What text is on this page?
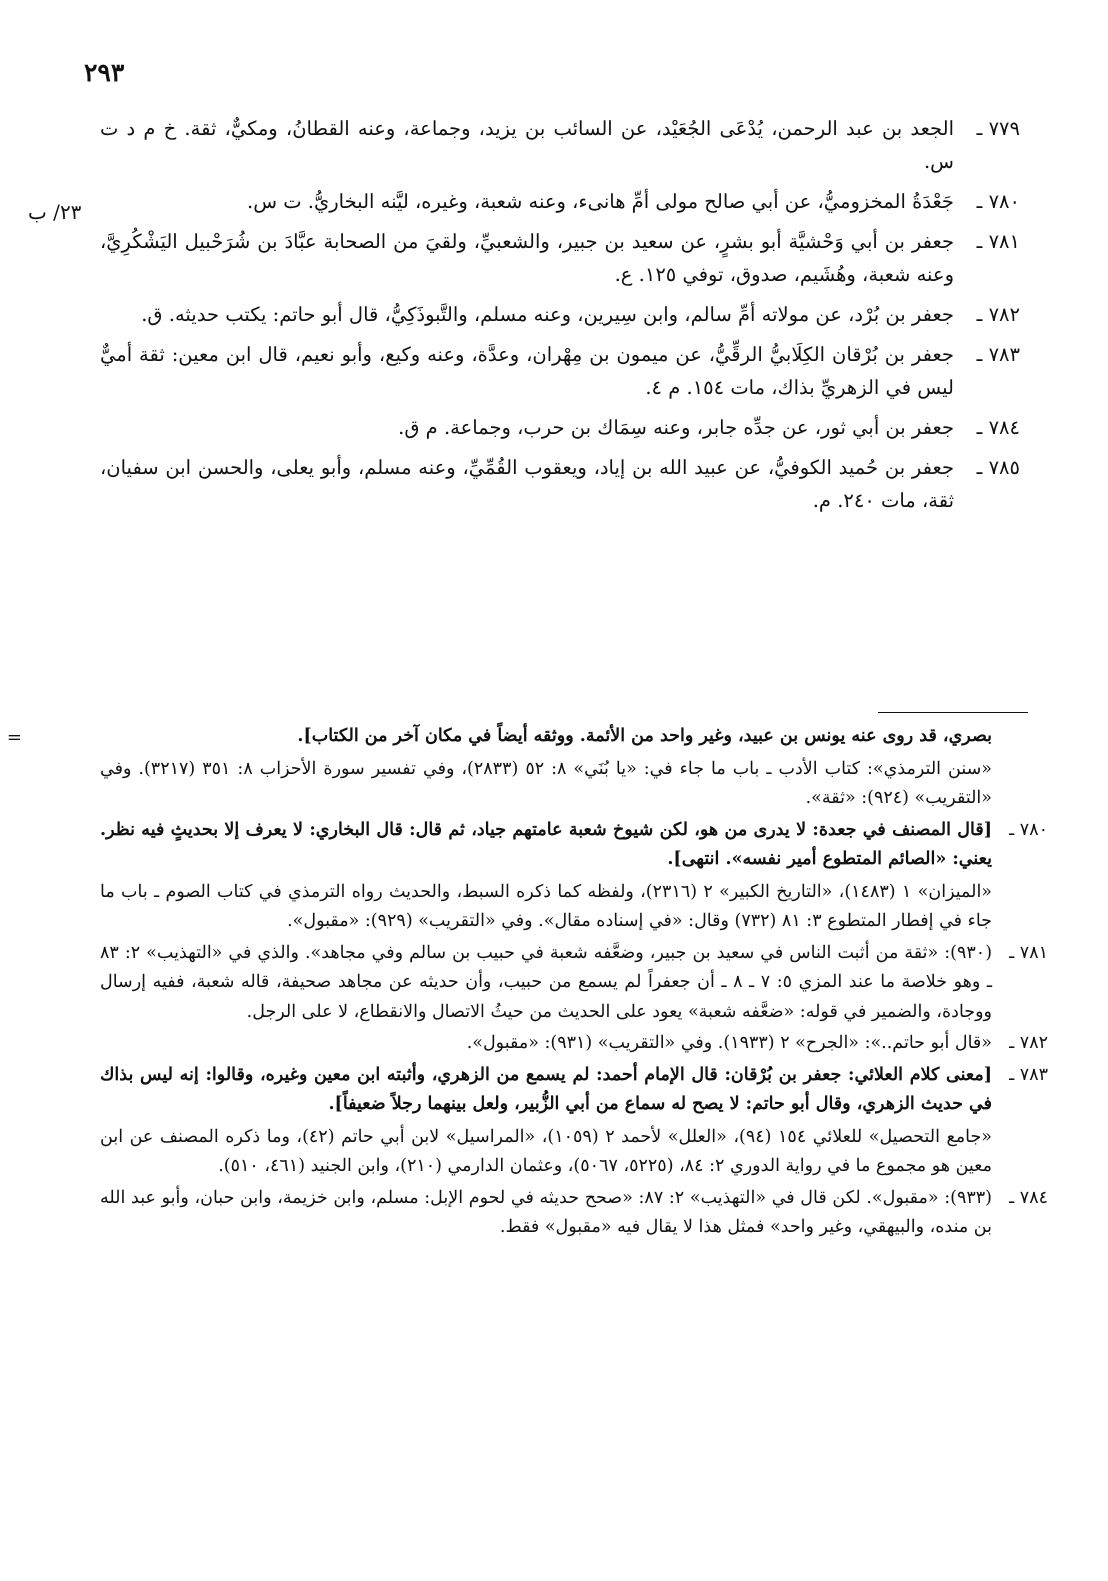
٢٩٣
٢٣/ ب
٧٧٩ ـ
الجعد بن عبد الرحمن، يُدْعَى الجُعَيْد، عن السائب بن يزيد، وجماعة، وعنه القطانُ، ومكيٌّ، ثقة. خ م د ت س.
٧٨٠ ـ
جَعْدَةُ المخزوميُّ، عن أبي صالح مولى أمِّ هانىء، وعنه شعبة، وغيره، ليَّنه البخاريُّ. ت س.
٧٨١ ـ
جعفر بن أبي وَحْشيَّة أبو بشرٍ، عن سعيد بن جبير، والشعبيِّ، ولقيَ من الصحابة عبَّادَ بن شُرَحْبيل اليَشْكُرِيَّ، وعنه شعبة، وهُشَيم، صدوق، توفي ١٢٥. ع.
٧٨٢ ـ
جعفر بن بُرْد، عن مولاته أمِّ سالم، وابن سِيرين، وعنه مسلم، والتَّبوذَكِيُّ، قال أبو حاتم: يكتب حديثه. ق.
٧٨٣ ـ
جعفر بن بُرْقان الكِلَابيُّ الرقِّيُّ، عن ميمون بن مِهْران، وعدَّة، وعنه وكيع، وأبو نعيم، قال ابن معين: ثقة أميٌّ ليس في الزهريِّ بذاك، مات ١٥٤. م ٤.
٧٨٤ ـ
جعفر بن أبي ثور، عن جدِّه جابر، وعنه سِمَاك بن حرب، وجماعة. م ق.
٧٨٥ ـ
جعفر بن حُميد الكوفيُّ، عن عبيد الله بن إياد، ويعقوب القُمِّيِّ، وعنه مسلم، وأبو يعلى، والحسن ابن سفيان، ثقة، مات ٢٤٠. م.
=	بصري، قد روى عنه يونس بن عبيد، وغير واحد من الأئمة. ووثقه أيضاً في مكان آخر من الكتاب].
«سنن الترمذي»: كتاب الأدب ـ باب ما جاء في: «يا بُنَي» ٨: ٥٢ (٢٨٣٣)، وفي تفسير سورة الأحزاب ٨: ٣٥١ (٣٢١٧). وفي «التقريب» (٩٢٤): «ثقة».
٧٨٠ ـ
[قال المصنف في جعدة: لا يدرى من هو، لكن شيوخ شعبة عامتهم جياد، ثم قال: قال البخاري: لا يعرف إلا بحديثٍ فيه نظر. يعني: «الصائم المتطوع أمير نفسه». انتهى].
«الميزان» ١ (١٤٨٣)، «التاريخ الكبير» ٢ (٢٣١٦)، ولفظه كما ذكره السبط، والحديث رواه الترمذي في كتاب الصوم ـ باب ما جاء في إفطار المتطوع ٣: ٨١ (٧٣٢) وقال: «في إسناده مقال». وفي «التقريب» (٩٢٩): «مقبول».
٧٨١ ـ
(٩٣٠): «ثقة من أثبت الناس في سعيد بن جبير، وضعَّفه شعبة في حبيب بن سالم وفي مجاهد». والذي في «التهذيب» ٢: ٨٣ ـ وهو خلاصة ما عند المزي ٥: ٧ ـ ٨ ـ أن جعفراً لم يسمع من حبيب، وأن حديثه عن مجاهد صحيفة، قاله شعبة، ففيه إرسال ووجادة، والضمير في قوله: «ضعَّفه شعبة» يعود على الحديث من حيثُ الاتصال والانقطاع، لا على الرجل.
٧٨٢ ـ
«قال أبو حاتم..»: «الجرح» ٢ (١٩٣٣). وفي «التقريب» (٩٣١): «مقبول».
٧٨٣ ـ
[معنى كلام العلائي: جعفر بن بُرْقان: قال الإمام أحمد: لم يسمع من الزهري، وأثبته ابن معين وغيره، وقالوا: إنه ليس بذاك في حديث الزهري، وقال أبو حاتم: لا يصح له سماع من أبي الزُّبير، ولعل بينهما رجلاً ضعيفاً].
«جامع التحصيل» للعلائي ١٥٤ (٩٤)، «العلل» لأحمد ٢ (١٠٥٩)، «المراسيل» لابن أبي حاتم (٤٢)، وما ذكره المصنف عن ابن معين هو مجموع ما في رواية الدوري ٢: ٨٤، (٥٢٢٥، ٥٠٦٧)، وعثمان الدارمي (٢١٠)، وابن الجنيد (٤٦١، ٥١٠).
٧٨٤ ـ
(٩٣٣): «مقبول». لكن قال في «التهذيب» ٢: ٨٧: «صحح حديثه في لحوم الإبل: مسلم، وابن خزيمة، وابن حبان، وأبو عبد الله بن منده، والبيهقي، وغير واحد» فمثل هذا لا يقال فيه «مقبول» فقط.
